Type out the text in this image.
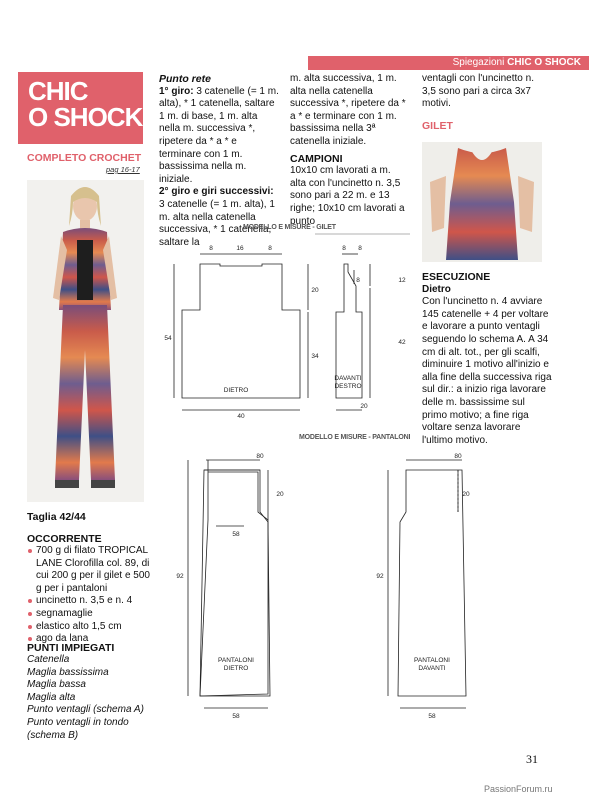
Spiegazioni CHIC O SHOCK
CHIC
O SHOCK
COMPLETO CROCHET
pag 16-17
Taglia 42/44
OCCORRENTE
700 g di filato TROPICAL LANE Clorofilla col. 89, di cui 200 g per il gilet e 500 g per i pantaloni
uncinetto n. 3,5 e n. 4
segnamaglie
elastico alto 1,5 cm
ago da lana
PUNTI IMPIEGATI
Catenella
Maglia bassissima
Maglia bassa
Maglia alta
Punto ventagli (schema A)
Punto ventagli in tondo (schema B)

Punto rete

1° giro: 3 catenelle (= 1 m. alta), * 1 catenella, saltare 1 m. di base, 1 m. alta nella m. successiva *, ripetere da * a * e terminare con 1 m. bassissima nella m. iniziale.

2° giro e giri successivi: 3 catenelle (= 1 m. alta), 1 m. alta nella catenella successiva, * 1 catenella, saltare la

m. alta successiva, 1 m. alta nella catenella successiva *, ripetere da * a * e terminare con 1 m. bassissima nella 3ª catenella iniziale.

CAMPIONI

10x10 cm lavorati a m. alta con l'uncinetto n. 3,5 sono pari a 22 m. e 13 righe; 10x10 cm lavorati a punto

ventagli con l'uncinetto n. 3,5 sono pari a circa 3x7 motivi.

GILET

ESECUZIONE

Dietro

Con l'uncinetto n. 4 avviare 145 catenelle + 4 per voltare e lavorare a punto ventagli seguendo lo schema A. A 34 cm di alt. tot., per gli scalfi, diminuire 1 motivo all'inizio e alla fine della successiva riga sul dir.: a inizio riga lavorare delle m. bassissime sul primo motivo; a fine riga voltare senza lavorare l'ultimo motivo.

MODELLO E MISURE - GILET
8	16	8
20
54
34
40
DIETRO
8 8
8	12
42
20
DAVANTI
DESTRO
MODELLO E MISURE - PANTALONI
80
20
58
92
58
PANTALONI
DIETRO
80
20
92
58
PANTALONI
DAVANTI
31
PassionForum.ru
